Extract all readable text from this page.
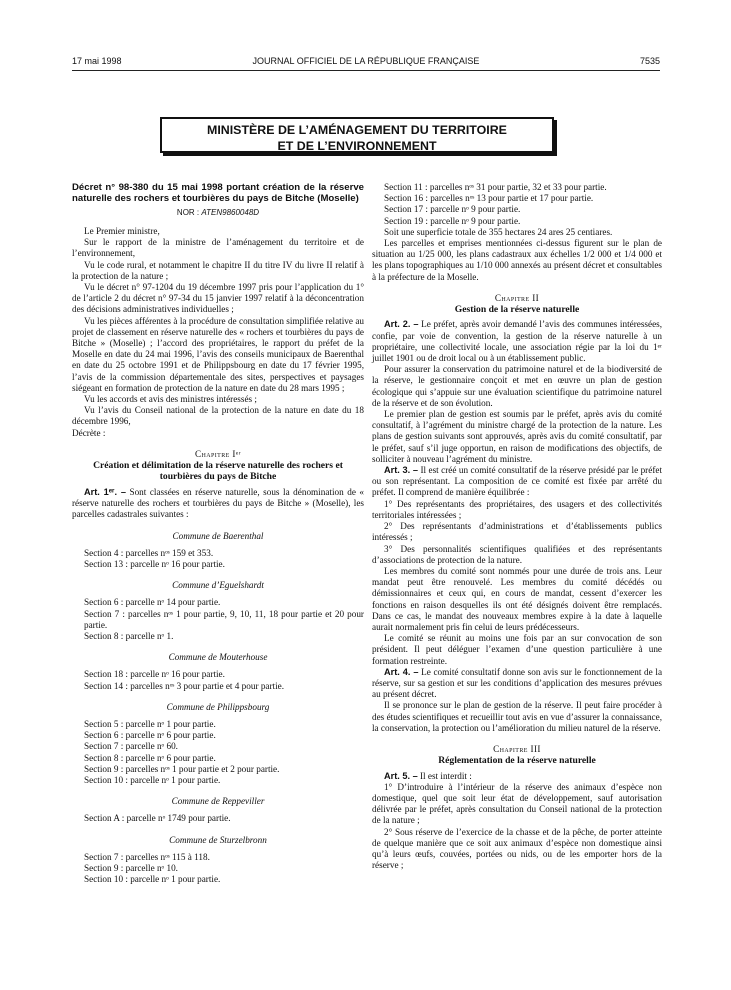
17 mai 1998	JOURNAL OFFICIEL DE LA RÉPUBLIQUE FRANÇAISE	7535
MINISTÈRE DE L’AMÉNAGEMENT DU TERRITOIRE
ET DE L’ENVIRONNEMENT

Décret n° 98-380 du 15 mai 1998 portant création de la réserve naturelle des rochers et tourbières du pays de Bitche (Moselle)

NOR : ATEN9860048D

Le Premier ministre,

Sur le rapport de la ministre de l’aménagement du territoire et de l’environnement,

Vu le code rural, et notamment le chapitre II du titre IV du livre II relatif à la protection de la nature ;

Vu le décret n° 97-1204 du 19 décembre 1997 pris pour l’application du 1° de l’article 2 du décret n° 97-34 du 15 janvier 1997 relatif à la déconcentration des décisions administratives individuelles ;

Vu les pièces afférentes à la procédure de consultation simplifiée relative au projet de classement en réserve naturelle des « rochers et tourbières du pays de Bitche » (Moselle) ; l’accord des propriétaires, le rapport du préfet de la Moselle en date du 24 mai 1996, l’avis des conseils municipaux de Baerenthal en date du 25 octobre 1991 et de Philippsbourg en date du 17 février 1995, l’avis de la commission départementale des sites, perspectives et paysages siégeant en formation de protection de la nature en date du 28 mars 1995 ;

Vu les accords et avis des ministres intéressés ;

Vu l’avis du Conseil national de la protection de la nature en date du 18 décembre 1996,

Décrète :

Chapitre Iᵉʳ
Création et délimitation de la réserve naturelle des rochers et tourbières du pays de Bitche

Art. 1ᵉʳ. – Sont classées en réserve naturelle, sous la dénomination de « réserve naturelle des rochers et tourbières du pays de Bitche » (Moselle), les parcelles cadastrales suivantes :

Commune de Baerenthal

Section 4 : parcelles nᵒˢ 159 et 353.

Section 13 : parcelle nᵒ 16 pour partie.

Commune d’Eguelshardt

Section 6 : parcelle nᵒ 14 pour partie.

Section 7 : parcelles nᵒˢ 1 pour partie, 9, 10, 11, 18 pour partie et 20 pour partie.

Section 8 : parcelle nᵒ 1.

Commune de Mouterhouse

Section 18 : parcelle nᵒ 16 pour partie.

Section 14 : parcelles nᵒˢ 3 pour partie et 4 pour partie.

Commune de Philippsbourg

Section 5 : parcelle nᵒ 1 pour partie.

Section 6 : parcelle nᵒ 6 pour partie.

Section 7 : parcelle nᵒ 60.

Section 8 : parcelle nᵒ 6 pour partie.

Section 9 : parcelles nᵒˢ 1 pour partie et 2 pour partie.

Section 10 : parcelle nᵒ 1 pour partie.

Commune de Reppeviller

Section A : parcelle nᵒ 1749 pour partie.

Commune de Sturzelbronn

Section 7 : parcelles nᵒˢ 115 à 118.

Section 9 : parcelle nᵒ 10.

Section 10 : parcelle nᵒ 1 pour partie.

Section 11 : parcelles nᵒˢ 31 pour partie, 32 et 33 pour partie.

Section 16 : parcelles nᵒˢ 13 pour partie et 17 pour partie.

Section 17 : parcelle nᵒ 9 pour partie.

Section 19 : parcelle nᵒ 9 pour partie.

Soit une superficie totale de 355 hectares 24 ares 25 centiares.

Les parcelles et emprises mentionnées ci-dessus figurent sur le plan de situation au 1/25 000, les plans cadastraux aux échelles 1/2 000 et 1/4 000 et les plans topographiques au 1/10 000 annexés au présent décret et consultables à la préfecture de la Moselle.

Chapitre II
Gestion de la réserve naturelle

Art. 2. – Le préfet, après avoir demandé l’avis des communes intéressées, confie, par voie de convention, la gestion de la réserve naturelle à un propriétaire, une collectivité locale, une association régie par la loi du 1ᵉʳ juillet 1901 ou de droit local ou à un établissement public.

Pour assurer la conservation du patrimoine naturel et de la biodiversité de la réserve, le gestionnaire conçoit et met en œuvre un plan de gestion écologique qui s’appuie sur une évaluation scientifique du patrimoine naturel de la réserve et de son évolution.

Le premier plan de gestion est soumis par le préfet, après avis du comité consultatif, à l’agrément du ministre chargé de la protection de la nature. Les plans de gestion suivants sont approuvés, après avis du comité consultatif, par le préfet, sauf s’il juge opportun, en raison de modifications des objectifs, de solliciter à nouveau l’agrément du ministre.

Art. 3. – Il est créé un comité consultatif de la réserve présidé par le préfet ou son représentant. La composition de ce comité est fixée par arrêté du préfet. Il comprend de manière équilibrée :

1° Des représentants des propriétaires, des usagers et des collectivités territoriales intéressées ;

2° Des représentants d’administrations et d’établissements publics intéressés ;

3° Des personnalités scientifiques qualifiées et des représentants d’associations de protection de la nature.

Les membres du comité sont nommés pour une durée de trois ans. Leur mandat peut être renouvelé. Les membres du comité décédés ou démissionnaires et ceux qui, en cours de mandat, cessent d’exercer les fonctions en raison desquelles ils ont été désignés doivent être remplacés. Dans ce cas, le mandat des nouveaux membres expire à la date à laquelle aurait normalement pris fin celui de leurs prédécesseurs.

Le comité se réunit au moins une fois par an sur convocation de son président. Il peut déléguer l’examen d’une question particulière à une formation restreinte.

Art. 4. – Le comité consultatif donne son avis sur le fonctionnement de la réserve, sur sa gestion et sur les conditions d’application des mesures prévues au présent décret.

Il se prononce sur le plan de gestion de la réserve. Il peut faire procéder à des études scientifiques et recueillir tout avis en vue d’assurer la connaissance, la conservation, la protection ou l’amélioration du milieu naturel de la réserve.

Chapitre III
Réglementation de la réserve naturelle

Art. 5. – Il est interdit :

1° D’introduire à l’intérieur de la réserve des animaux d’espèce non domestique, quel que soit leur état de développement, sauf autorisation délivrée par le préfet, après consultation du Conseil national de la protection de la nature ;

2° Sous réserve de l’exercice de la chasse et de la pêche, de porter atteinte de quelque manière que ce soit aux animaux d’espèce non domestique ainsi qu’à leurs œufs, couvées, portées ou nids, ou de les emporter hors de la réserve ;
